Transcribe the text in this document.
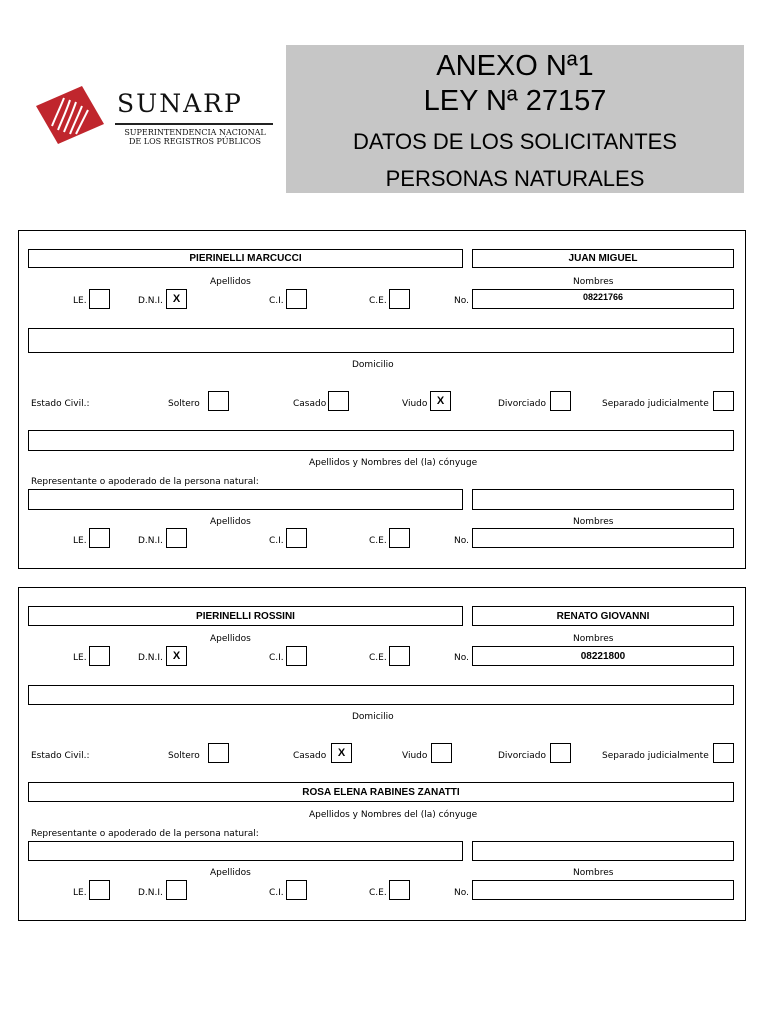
SUNARP
SUPERINTENDENCIA NACIONAL
DE LOS REGISTROS PÚBLICOS
ANEXO Nª1
LEY Nª 27157
DATOS DE LOS SOLICITANTES
PERSONAS NATURALES
PIERINELLI MARCUCCI	JUAN MIGUEL
Apellidos	Nombres
LE.	D.N.I. X	C.I.	C.E.	No.	08221766
Domicilio
Estado Civil.:	Soltero	Casado	Viudo X	Divorciado	Separado judicialmente
Apellidos y Nombres del (la) cónyuge
Representante o apoderado de la persona natural:
Apellidos	Nombres
LE.	D.N.I.	C.I.	C.E.	No.
PIERINELLI ROSSINI	RENATO GIOVANNI
Apellidos	Nombres
LE.	D.N.I. X	C.I.	C.E.	No.	08221800
Domicilio
Estado Civil.:	Soltero	Casado	X	Viudo	Divorciado	Separado judicialmente
ROSA ELENA RABINES ZANATTI
Apellidos y Nombres del (la) cónyuge
Representante o apoderado de la persona natural:
Apellidos	Nombres
LE.	D.N.I.	C.I.	C.E.	No.
